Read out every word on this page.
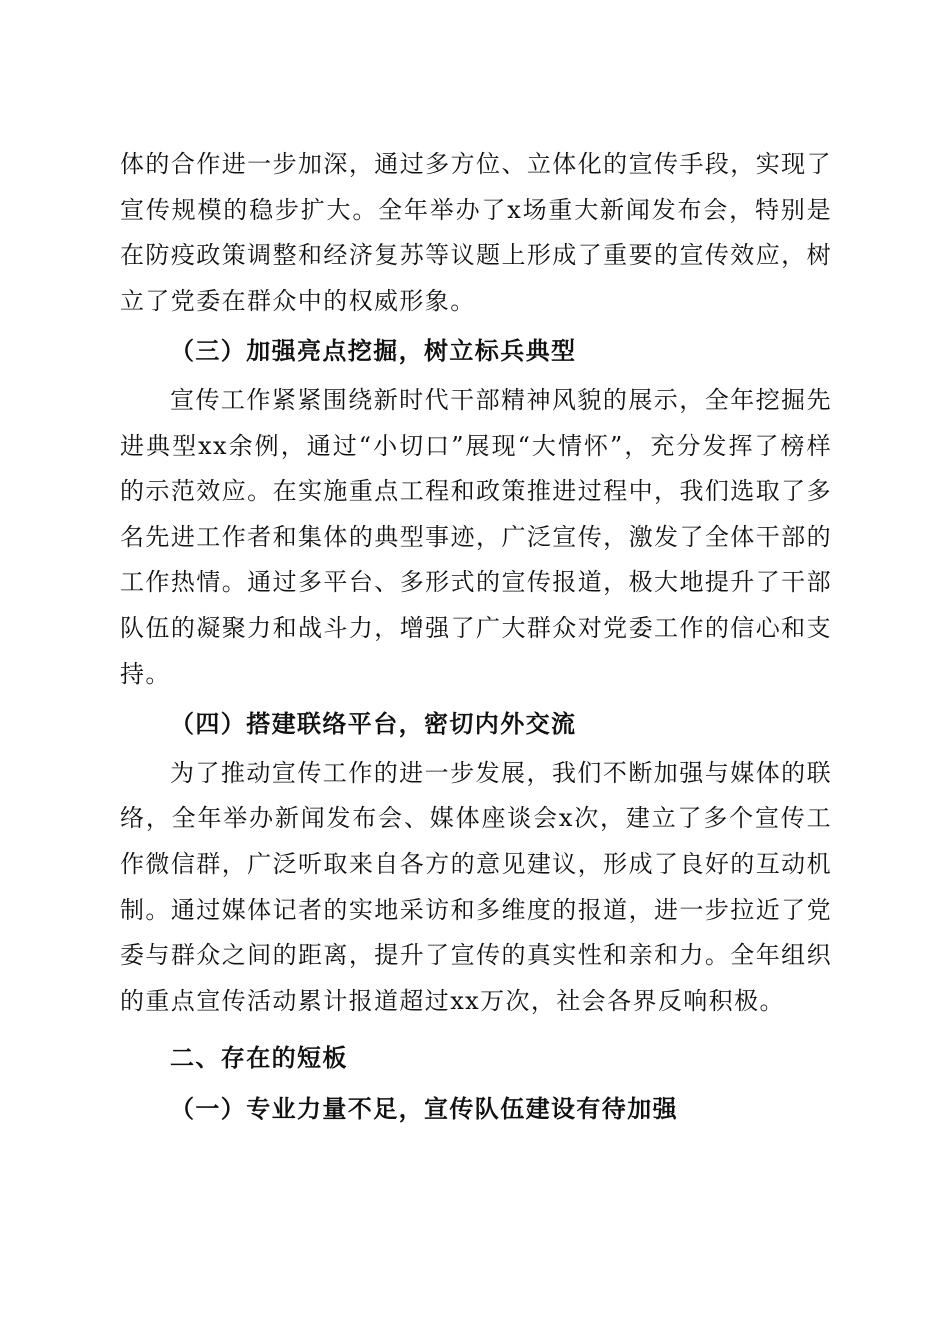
体的合作进一步加深，通过多方位、立体化的宣传手段，实现了宣传规模的稳步扩大。全年举办了x场重大新闻发布会，特别是在防疫政策调整和经济复苏等议题上形成了重要的宣传效应，树立了党委在群众中的权威形象。

（三）加强亮点挖掘，树立标兵典型

宣传工作紧紧围绕新时代干部精神风貌的展示，全年挖掘先进典型xx余例，通过“小切口”展现“大情怀”，充分发挥了榜样的示范效应。在实施重点工程和政策推进过程中，我们选取了多名先进工作者和集体的典型事迹，广泛宣传，激发了全体干部的工作热情。通过多平台、多形式的宣传报道，极大地提升了干部队伍的凝聚力和战斗力，增强了广大群众对党委工作的信心和支持。

（四）搭建联络平台，密切内外交流

为了推动宣传工作的进一步发展，我们不断加强与媒体的联络，全年举办新闻发布会、媒体座谈会x次，建立了多个宣传工作微信群，广泛听取来自各方的意见建议，形成了良好的互动机制。通过媒体记者的实地采访和多维度的报道，进一步拉近了党委与群众之间的距离，提升了宣传的真实性和亲和力。全年组织的重点宣传活动累计报道超过xx万次，社会各界反响积极。

二、存在的短板

（一）专业力量不足，宣传队伍建设有待加强
